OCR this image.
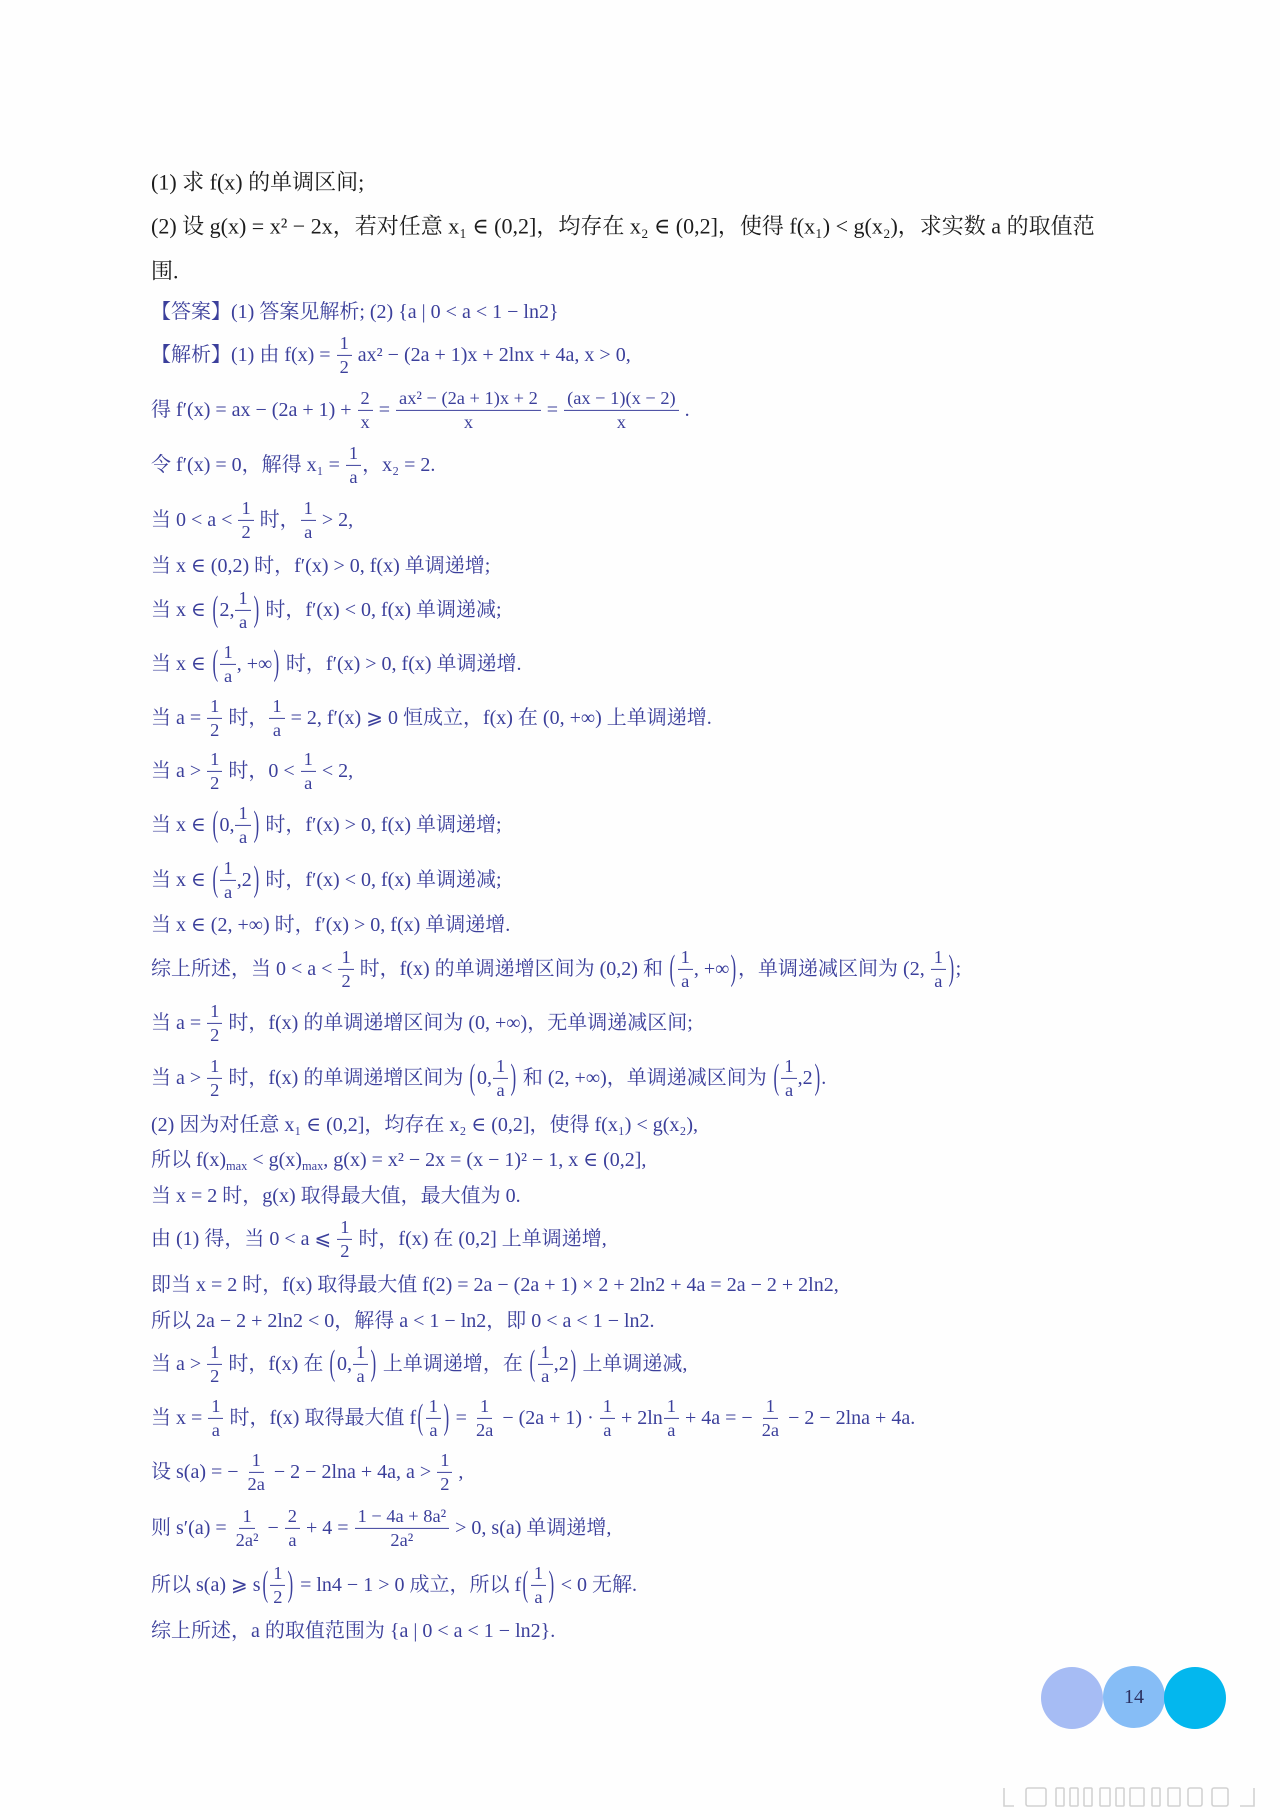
(1) 求 f(x) 的单调区间;
(2) 设 g(x) = x² − 2x，若对任意 x₁ ∈ (0,2]，均存在 x₂ ∈ (0,2]，使得 f(x₁) < g(x₂)，求实数 a 的取值范
围.
【答案】(1) 答案见解析; (2) {a | 0 < a < 1 − ln2}
【解析】(1) 由 $f(x) = \frac{1}{2} ax^2 - (2a + 1)x + 2\ln x + 4a$, x > 0,
得 f′(x) = ax − $(2a + 1) + \frac{2}{x} = \frac{\text{ax² − (2a + 1)x + 2}}{x} = \frac{(ax - 1)(x - 2)}{x}$ .
令 f′(x) = 0，解得 $x_1 = \frac{1}{a}$ ，x₂ = 2.
当 $0 < a < \frac{1}{2}$ 时， $\frac{1}{a} > 2$,
当 x ∈ (0,2) 时，f′(x) > 0, f(x) 单调递增;
当 x ∈ ( 2, $\frac{1}{a}$ ) 时，f′(x) < 0, f(x) 单调递减;
当 x ∈ ( $\frac{1}{a}$ , +∞ ) 时，f′(x) > 0, f(x) 单调递增.
当 $a = \frac{1}{2}$ 时， $\frac{1}{a} = 2$, f′(x) ⩾ 0 恒成立，f(x) 在 (0, +∞) 上单调递增.
当 $a > \frac{1}{2}$ 时，$0 < \frac{1}{a} < 2$,
当 x ∈ ( 0, $\frac{1}{a}$ ) 时，f′(x) > 0, f(x) 单调递增;
当 x ∈ ( $\frac{1}{a} ,2$ ) 时，f′(x) < 0, f(x) 单调递减;
当 x ∈ (2, +∞) 时，f′(x) > 0, f(x) 单调递增.
综上所述，当 $0 < a < \frac{1}{2}$ 时，f(x) 的单调递增区间为 (0,2) 和 ( $\frac{1}{a}$ , +∞ ) ，单调递减区间为 (2, $\frac{1}{a}$ ) ;
当 $a = \frac{1}{2}$ 时，f(x) 的单调递增区间为 (0, +∞)，无单调递减区间;
当 $a > \frac{1}{2}$ 时，f(x) 的单调递增区间为 ( 0, $\frac{1}{a}$ ) 和 (2, +∞)，单调递减区间为 ( $\frac{1}{a} ,2$ ) .
(2) 因为对任意 x₁ ∈ (0,2]，均存在 x₂ ∈ (0,2]，使得 f(x₁) < g(x₂),
所以 f(x) max < g(x) max , g(x) = x² − 2x = (x − 1)² − 1, x ∈ (0,2],
当 x = 2 时，g(x) 取得最大值，最大值为 0.
由 (1) 得，当 0 < a ⩽ $\frac{1}{2}$ 时，f(x) 在 (0,2] 上单调递增,
即当 x = 2 时，f(x) 取得最大值 f(2) = 2a − (2a + 1) × 2 + 2ln2 + 4a = 2a − 2 + 2ln2,
所以 2a − 2 + 2ln2 < 0，解得 a < 1 − ln2，即 0 < a < 1 − ln2.
当 $a > \frac{1}{2}$ 时，f(x) 在 ( 0, $\frac{1}{a}$ ) 上单调递增，在 ( $\frac{1}{a} ,2$ ) 上单调递减,
当 $x = \frac{1}{a}$ 时，f(x) 取得最大值 f ( $\frac{1}{a}$ ) = $\frac{1}{2a} - (2a + 1) \cdot \frac{1}{a} + 2\ln \frac{1}{a} + 4a$ = − $\frac{1}{2a} - 2 - 2\ln a + 4a$.
设 s(a) = − $\frac{1}{2a} - 2 - 2\ln a + 4a$, $a > \frac{1}{2}$ ,
则 $s'(a) = \frac{1}{\text{2a²}} - \frac{2}{a} + 4 = \frac{\text{1 − 4a + 8a²}}{\text{2a²}} > 0$, s(a) 单调递增,
所以 s(a) ⩾ s ( $\frac{1}{2}$ ) = ln4 − 1 > 0 成立，所以 f ( $\frac{1}{a}$ ) < 0 无解.
综上所述，a 的取值范围为 {a | 0 < a < 1 − ln2}.
14
